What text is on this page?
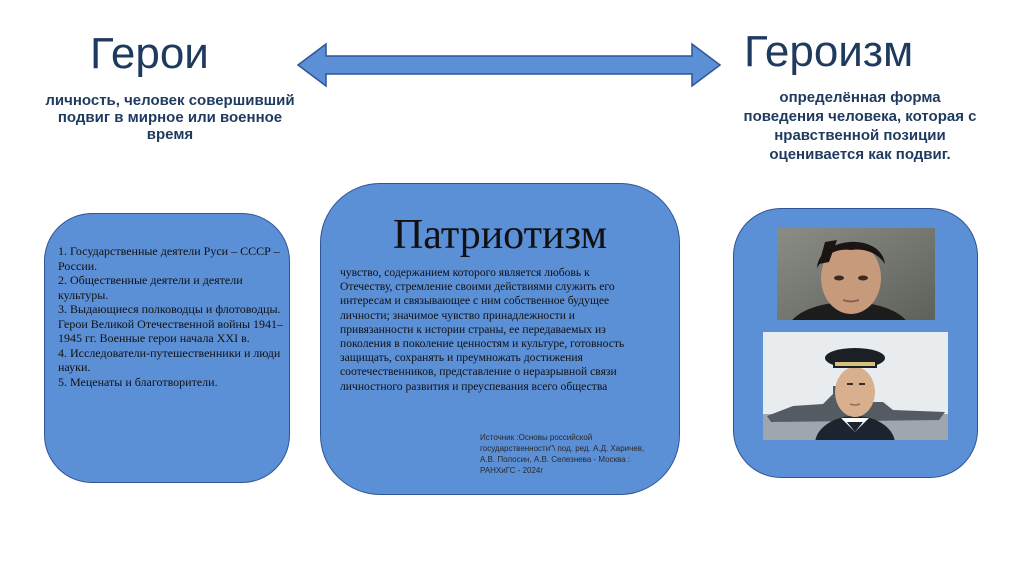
Герои
личность, человек совершивший подвиг в мирное или военное время
Героизм
определённая форма поведения человека, которая с нравственной позиции оценивается как подвиг.
1. Государственные деятели Руси – СССР – России.
2. Общественные деятели и деятели культуры.
3. Выдающиеся полководцы и флотоводцы. Герои Великой Отечественной войны 1941–1945 гг. Военные герои начала XXI в.
4. Исследователи-путешественники и люди науки.
5. Меценаты и благотворители.
Патриотизм
чувство, содержанием которого является любовь к Отечеству, стремление своими действиями служить его интересам и связывающее с ним собственное будущее личности; значимое чувство принадлежности и привязанности к истории страны, ее передаваемых из поколения в поколение ценностям и культуре, готовность защищать, сохранять и преумножать достижения соотечественников, представление о неразрывной связи личностного развития и преуспевания всего общества
Источник :Основы российской государственности"\ под. ред. А.Д. Харичев, А.В. Полосин, А.В. Селезнева - Москва : РАНХиГС - 2024г
